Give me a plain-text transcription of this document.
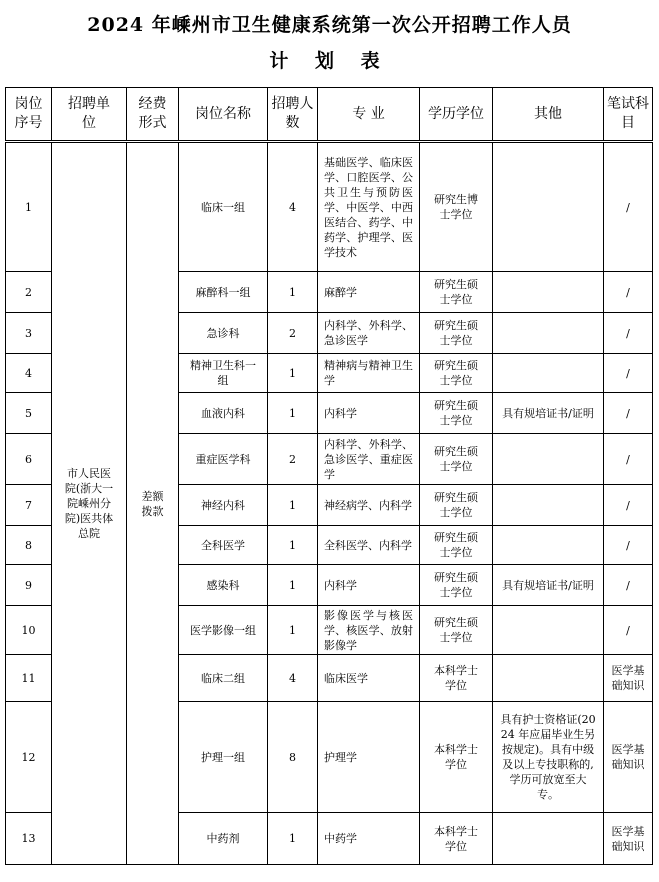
2024 年嵊州市卫生健康系统第一次公开招聘工作人员
计 划 表
岗位序号	招聘单位	经费形式	岗位名称	招聘人数	专 业	学历学位	其他	笔试科目
1	市人民医院(浙大一院嵊州分院)医共体总院	差额拨款	临床一组	4	基础医学、临床医学、口腔医学、公共卫生与预防医学、中医学、中西医结合、药学、中药学、护理学、医学技术	研究生博士学位		/
2			麻醉科一组	1	麻醉学	研究生硕士学位		/
3			急诊科	2	内科学、外科学、急诊医学	研究生硕士学位		/
4			精神卫生科一组	1	精神病与精神卫生学	研究生硕士学位		/
5			血液内科	1	内科学	研究生硕士学位	具有规培证书/证明	/
6			重症医学科	2	内科学、外科学、急诊医学、重症医学	研究生硕士学位		/
7			神经内科	1	神经病学、内科学	研究生硕士学位		/
8			全科医学	1	全科医学、内科学	研究生硕士学位		/
9			感染科	1	内科学	研究生硕士学位	具有规培证书/证明	/
10			医学影像一组	1	影像医学与核医学、核医学、放射影像学	研究生硕士学位		/
11			临床二组	4	临床医学	本科学士学位		医学基础知识
12			护理一组	8	护理学	本科学士学位	具有护士资格证(2024 年应届毕业生另按规定)。具有中级及以上专技职称的,学历可放宽至大专。	医学基础知识
13			中药剂	1	中药学	本科学士学位		医学基础知识
